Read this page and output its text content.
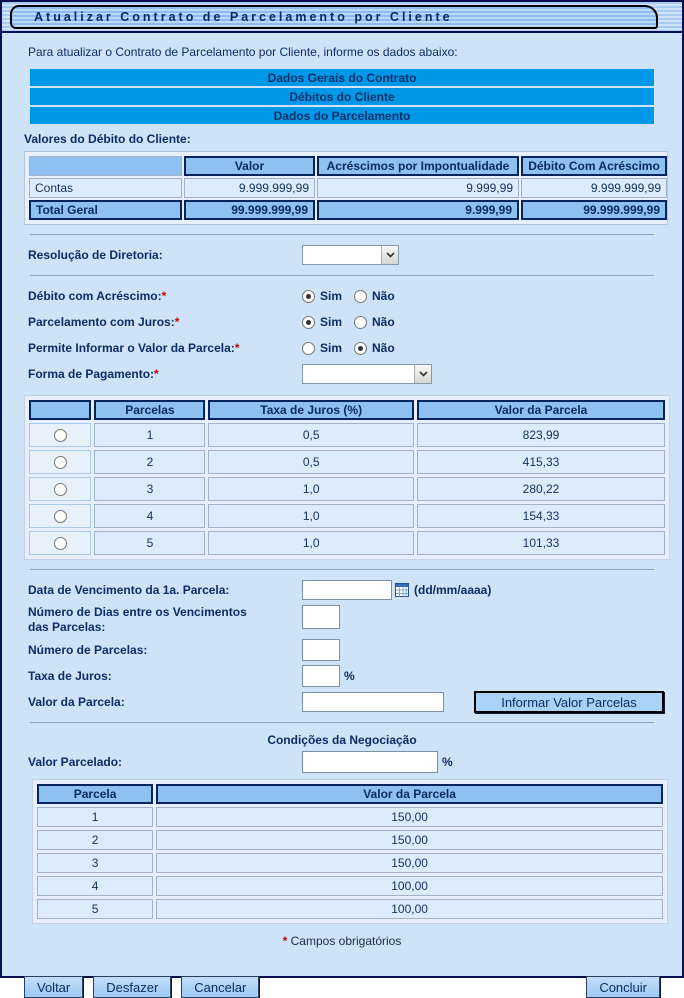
Atualizar Contrato de Parcelamento por Cliente
Para atualizar o Contrato de Parcelamento por Cliente, informe os dados abaixo:
Dados Gerais do Contrato
Débitos do Cliente
Dados do Parcelamento
Valores do Débito do Cliente:
	Valor	Acréscimos por Impontualidade	Débito Com Acréscimo
Contas	9.999.999,99	9.999,99	9.999.999,99
Total Geral	99.999.999,99	9.999,99	99.999.999,99
Resolução de Diretoria:
Débito com Acréscimo:*	Sim	Não
Parcelamento com Juros:*	Sim	Não
Permite Informar o Valor da Parcela:*	Sim	Não
Forma de Pagamento:*
	Parcelas	Taxa de Juros (%)	Valor da Parcela
	1	0,5	823,99
	2	0,5	415,33
	3	1,0	280,22
	4	1,0	154,33
	5	1,0	101,33
Data de Vencimento da 1a. Parcela:	(dd/mm/aaaa)
Número de Dias entre os Vencimentos das Parcelas:
Número de Parcelas:
Taxa de Juros:	%
Valor da Parcela:	Informar Valor Parcelas
Condições da Negociação
Valor Parcelado:	%
Parcela	Valor da Parcela
1	150,00
2	150,00
3	150,00
4	100,00
5	100,00
* Campos obrigatórios
Voltar	Desfazer	Cancelar	Concluir
